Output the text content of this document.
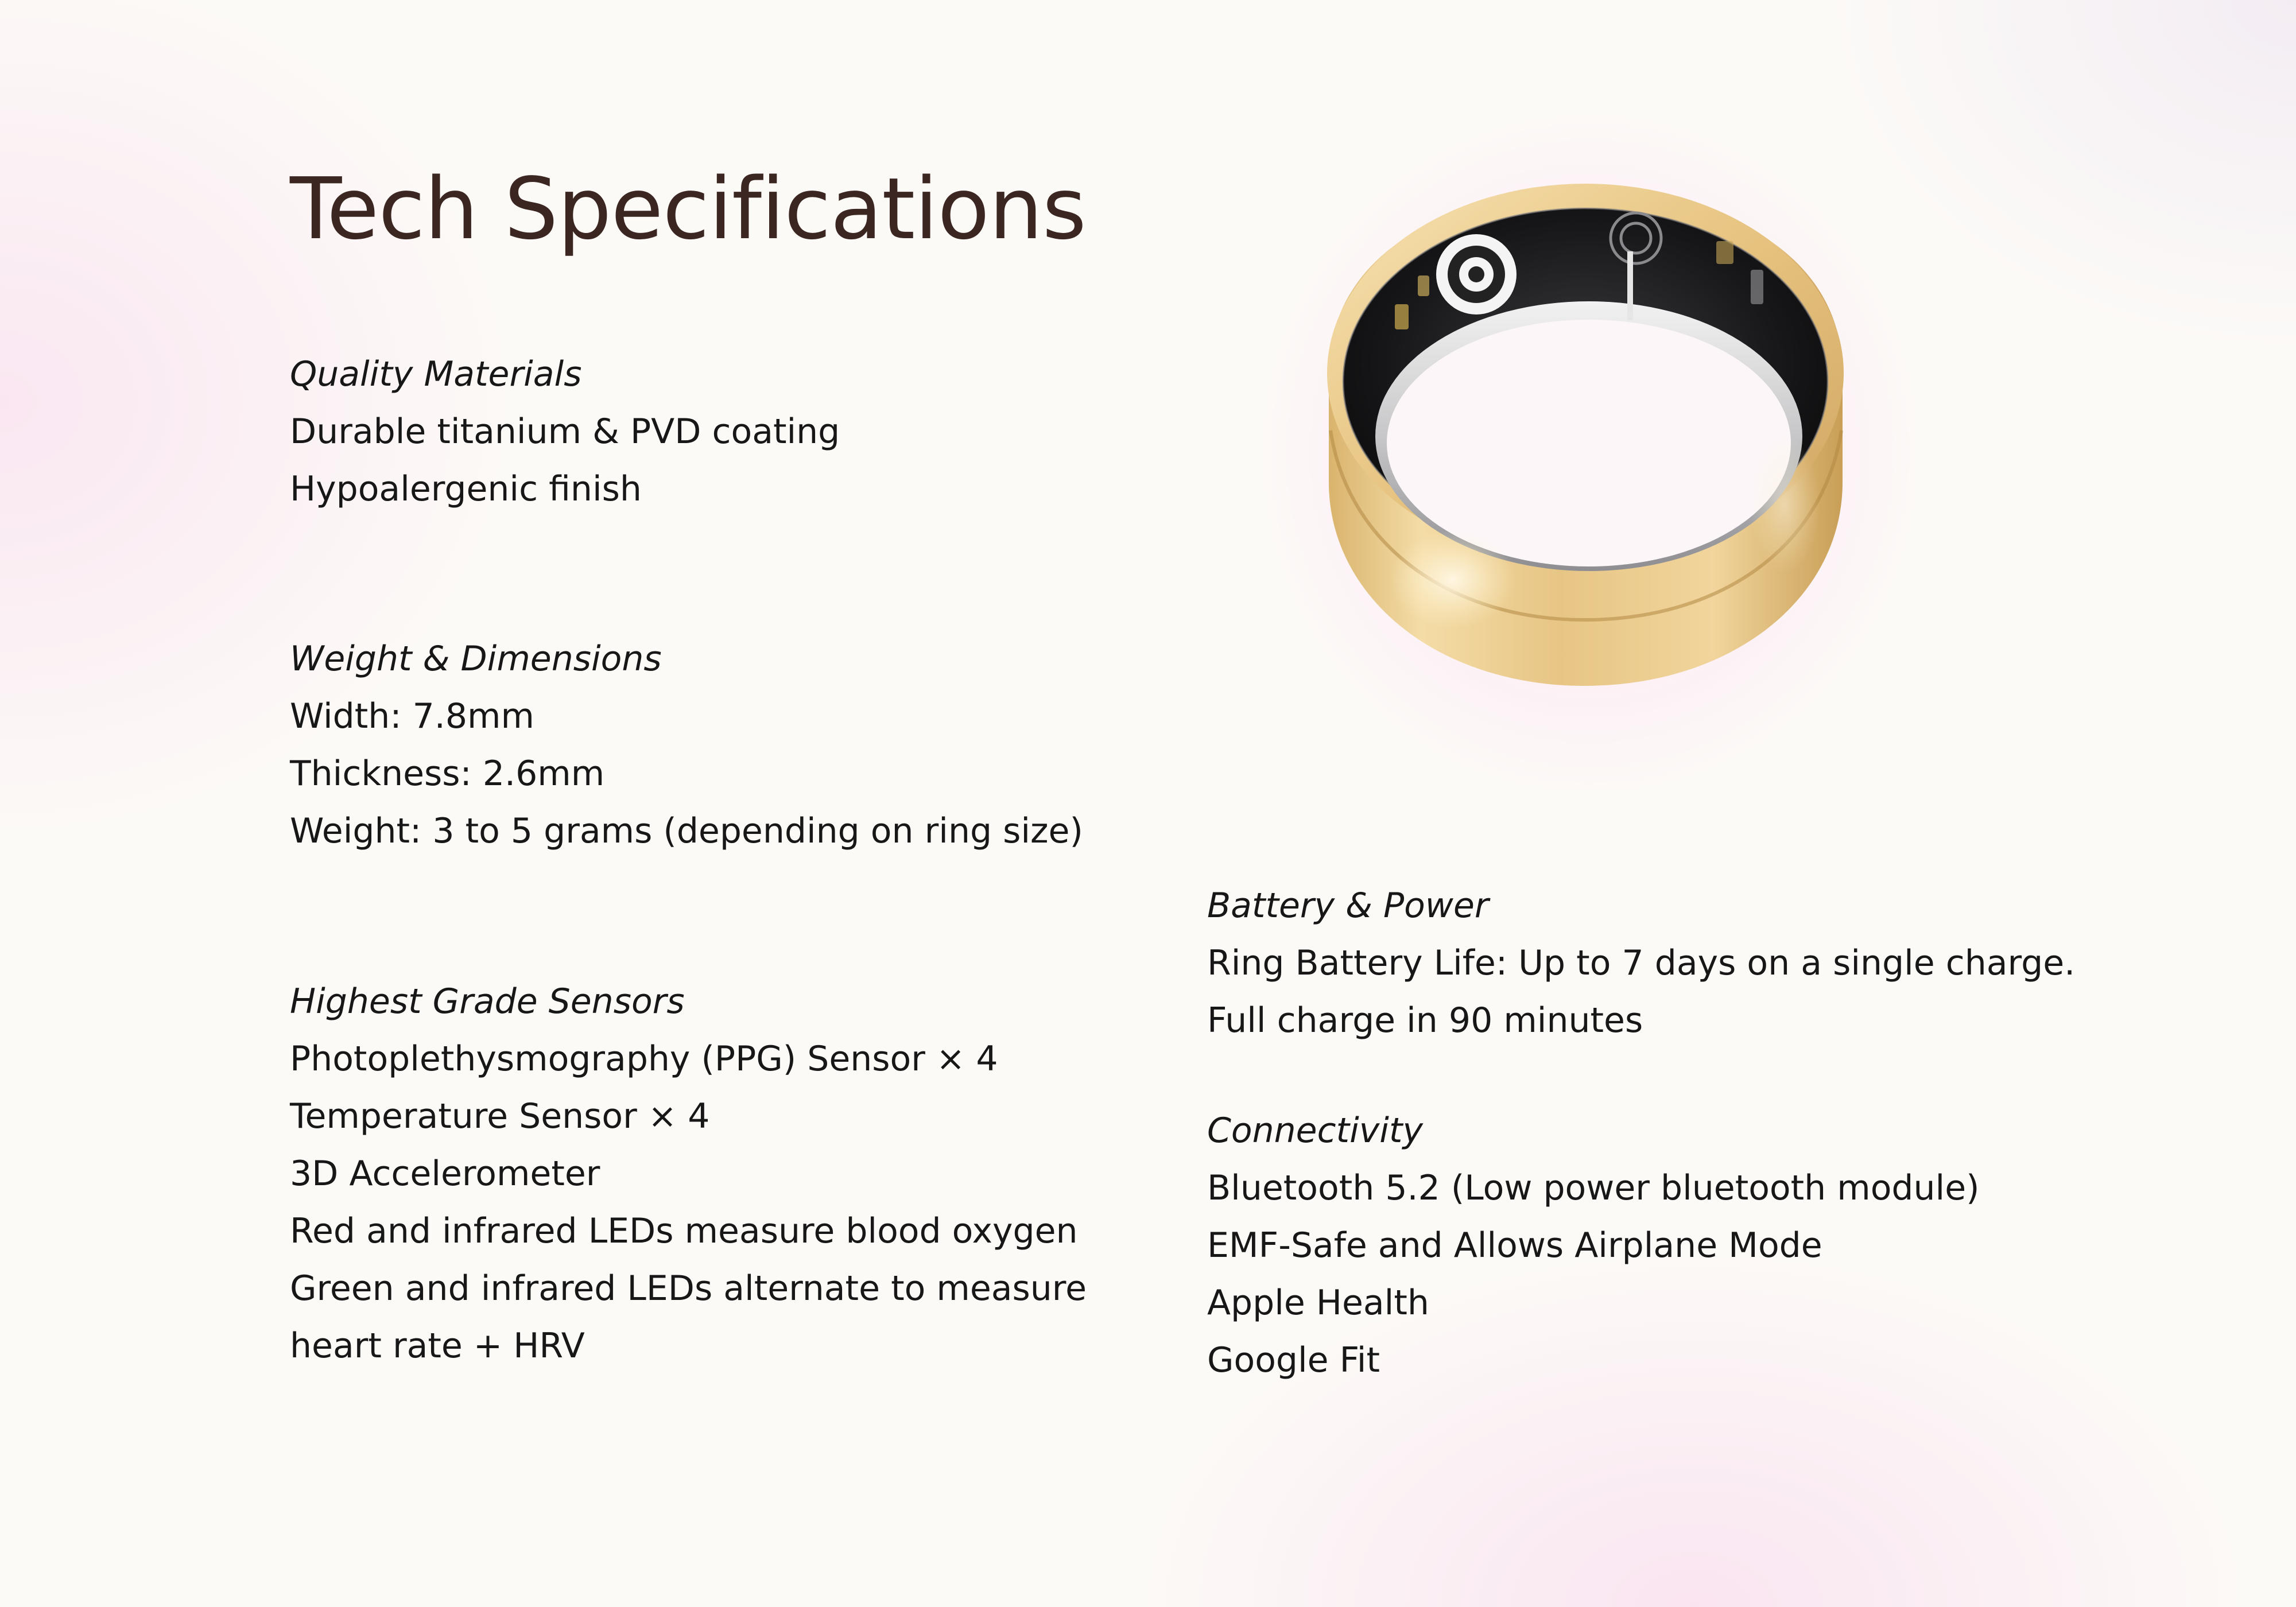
Tech Specifications
Quality Materials
Durable titanium & PVD coating
Hypoalergenic finish
Weight & Dimensions
Width: 7.8mm
Thickness: 2.6mm
Weight: 3 to 5 grams (depending on ring size)
Highest Grade Sensors
Photoplethysmography (PPG) Sensor × 4
Temperature Sensor × 4
3D Accelerometer
Red and infrared LEDs measure blood oxygen
Green and infrared LEDs alternate to measure
heart rate + HRV
Battery & Power
Ring Battery Life: Up to 7 days on a single charge.
Full charge in 90 minutes
Connectivity
Bluetooth 5.2 (Low power bluetooth module)
EMF-Safe and Allows Airplane Mode
Apple Health
Google Fit
